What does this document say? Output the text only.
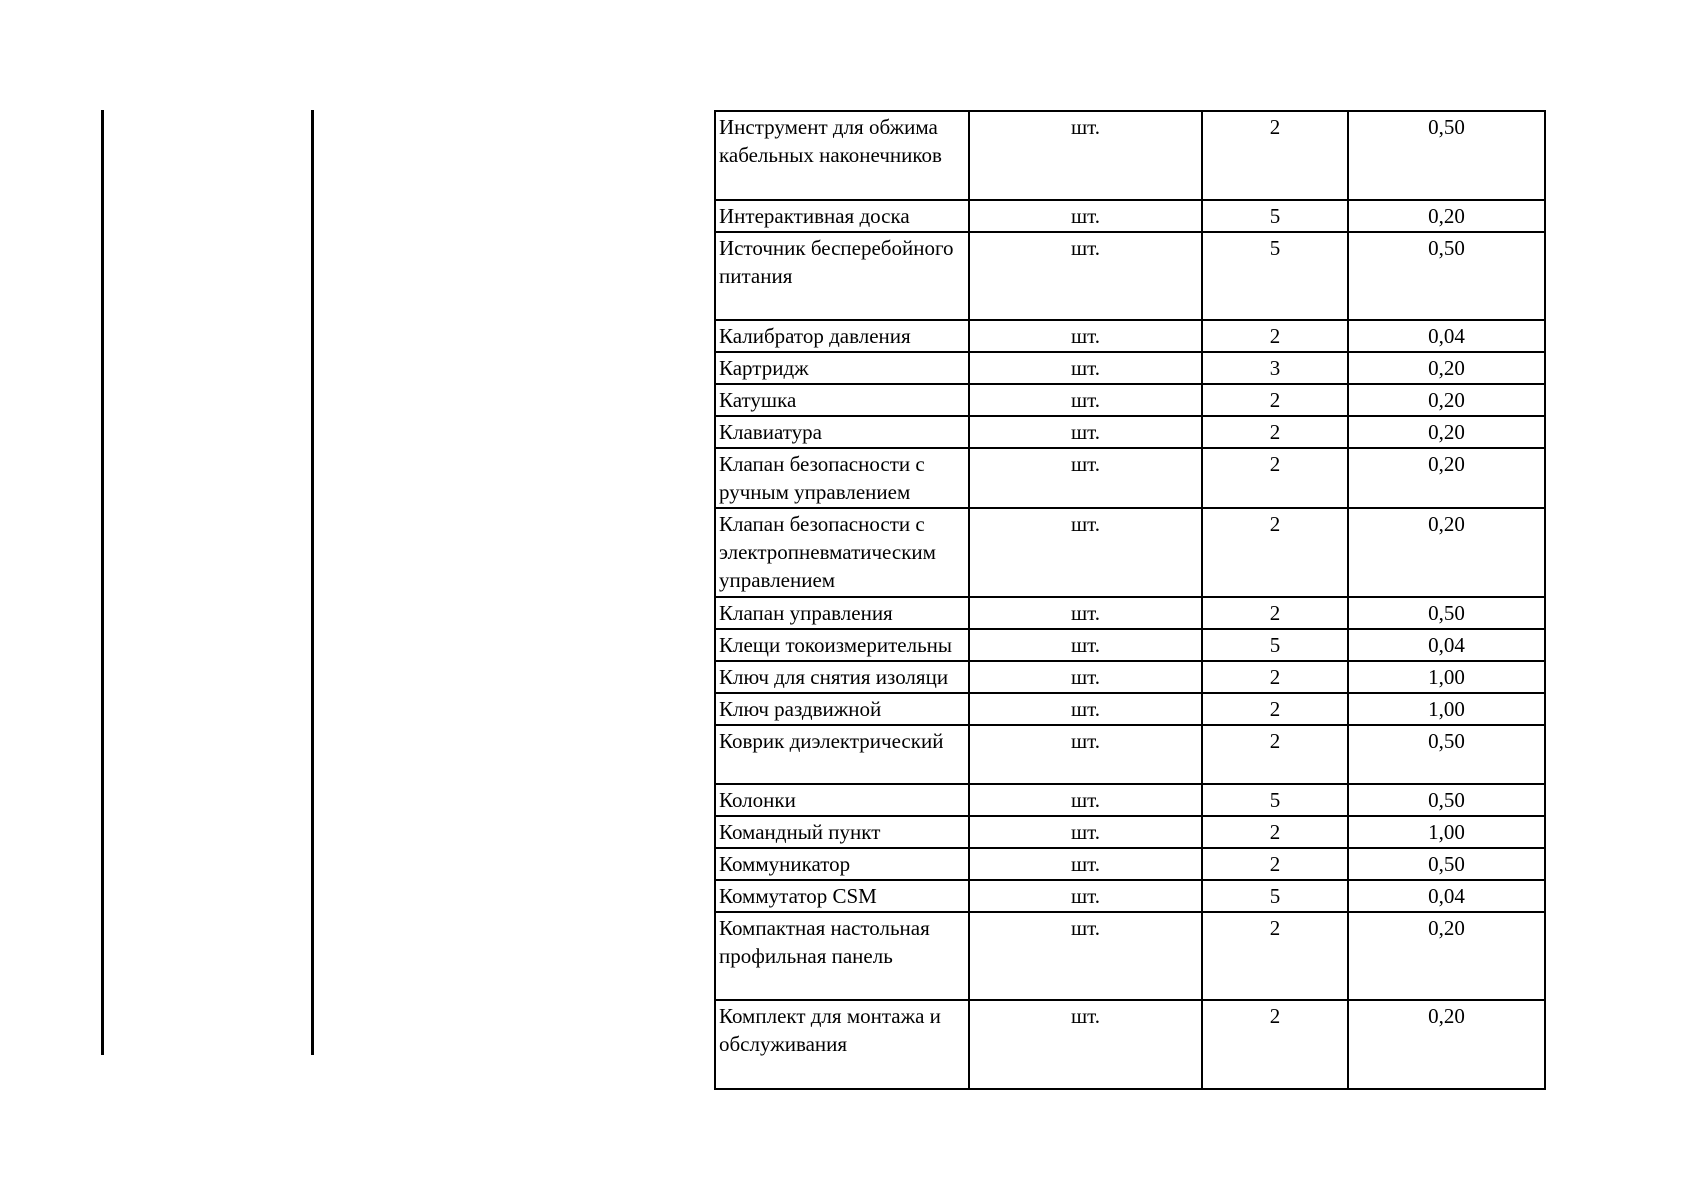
Инструмент для обжима кабельных наконечников	шт.	2	0,50
Интерактивная доска	шт.	5	0,20
Источник бесперебойного питания	шт.	5	0,50
Калибратор давления	шт.	2	0,04
Картридж	шт.	3	0,20
Катушка	шт.	2	0,20
Клавиатура	шт.	2	0,20
Клапан безопасности с ручным управлением	шт.	2	0,20
Клапан безопасности с электропневматическим управлением	шт.	2	0,20
Клапан управления	шт.	2	0,50
Клещи токоизмерительны	шт.	5	0,04
Ключ для снятия изоляци	шт.	2	1,00
Ключ раздвижной	шт.	2	1,00
Коврик диэлектрический	шт.	2	0,50
Колонки	шт.	5	0,50
Командный пункт	шт.	2	1,00
Коммуникатор	шт.	2	0,50
Коммутатор CSM	шт.	5	0,04
Компактная настольная профильная панель	шт.	2	0,20
Комплект для монтажа и обслуживания	шт.	2	0,20
